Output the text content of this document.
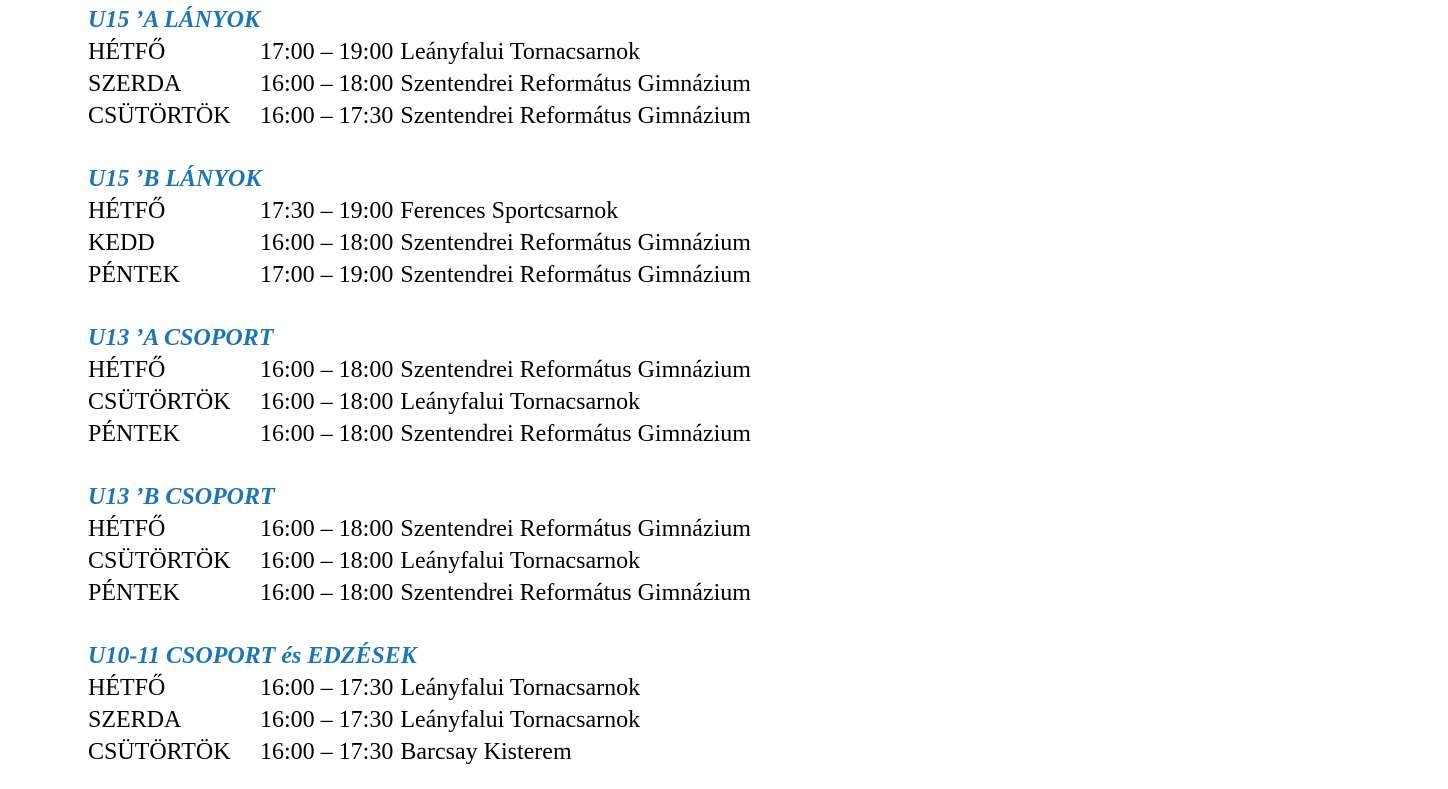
U15 ’A LÁNYOK
HÉTFŐ	17:00 – 19:00 Leányfalui Tornacsarnok
SZERDA	16:00 – 18:00 Szentendrei Református Gimnázium
CSÜTÖRTÖK	16:00 – 17:30 Szentendrei Református Gimnázium
U15 ’B LÁNYOK
HÉTFŐ	17:30 – 19:00 Ferences Sportcsarnok
KEDD	16:00 – 18:00 Szentendrei Református Gimnázium
PÉNTEK	17:00 – 19:00 Szentendrei Református Gimnázium
U13 ’A CSOPORT
HÉTFŐ	16:00 – 18:00 Szentendrei Református Gimnázium
CSÜTÖRTÖK	16:00 – 18:00 Leányfalui Tornacsarnok
PÉNTEK	16:00 – 18:00 Szentendrei Református Gimnázium
U13 ’B CSOPORT
HÉTFŐ	16:00 – 18:00 Szentendrei Református Gimnázium
CSÜTÖRTÖK	16:00 – 18:00 Leányfalui Tornacsarnok
PÉNTEK	16:00 – 18:00 Szentendrei Református Gimnázium
U10-11 CSOPORT és EDZÉSEK
HÉTFŐ	16:00 – 17:30 Leányfalui Tornacsarnok
SZERDA	16:00 – 17:30 Leányfalui Tornacsarnok
CSÜTÖRTÖK	16:00 – 17:30 Barcsay Kisterem
